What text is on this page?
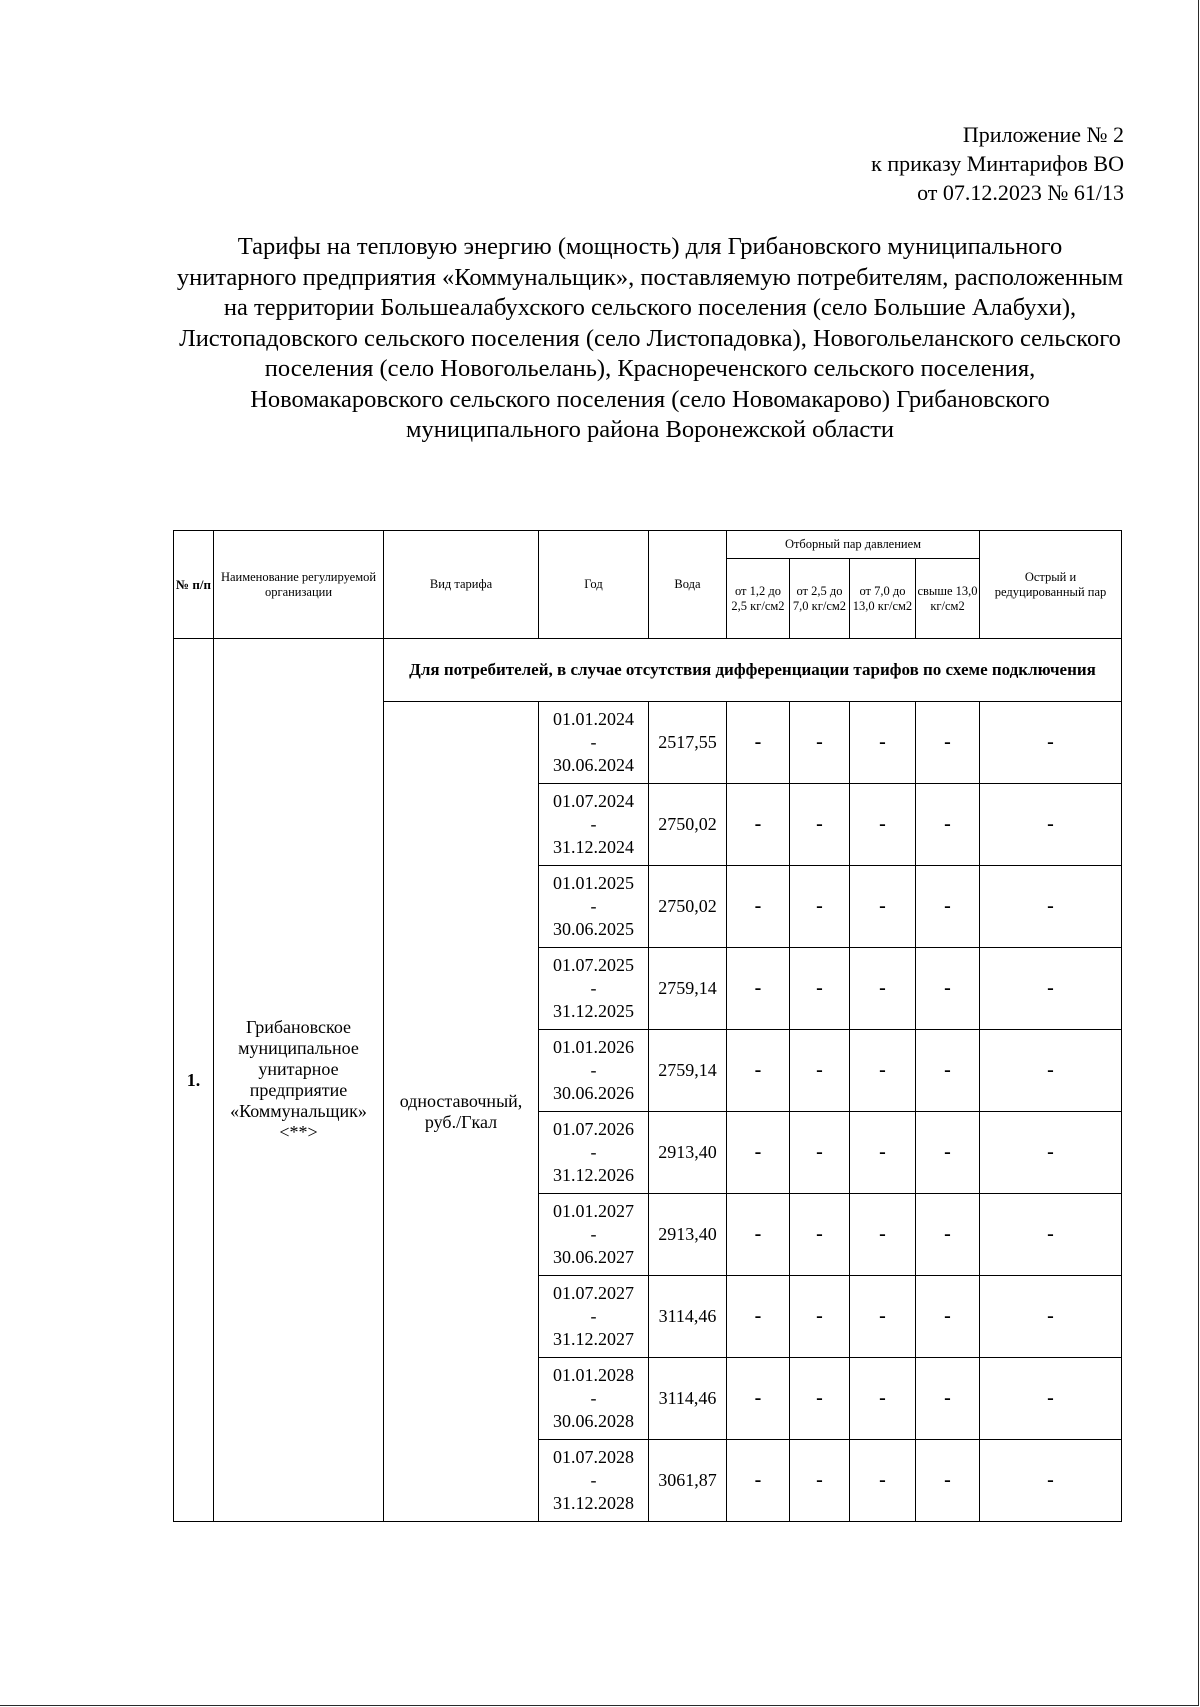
Приложение № 2
к приказу Минтарифов ВО
от 07.12.2023 № 61/13
Тарифы на тепловую энергию (мощность) для Грибановского муниципального унитарного предприятия «Коммунальщик», поставляемую потребителям, расположенным на территории Большеалабухского сельского поселения (село Большие Алабухи), Листопадовского сельского поселения (село Листопадовка), Новогольеланского сельского поселения (село Новогольелань), Краснореченского сельского поселения, Новомакаровского сельского поселения (село Новомакарово) Грибановского муниципального района Воронежской области
№ п/п	Наименование регулируемой организации	Вид тарифа	Год	Вода	Отборный пар давлением				Острый и редуцированный пар
					от 1,2 до 2,5 кг/см2	от 2,5 до 7,0 кг/см2	от 7,0 до 13,0 кг/см2	свыше 13,0 кг/см2	
1.	Грибановское муниципальное унитарное предприятие «Коммунальщик» <**>	Для потребителей, в случае отсутствия дифференциации тарифов по схеме подключения							
		одноставочный, руб./Гкал	01.01.2024
-
30.06.2024	2517,55	-	-	-	-	-

			01.07.2024
-
31.12.2024	2750,02	-	-	-	-	-

			01.01.2025
-
30.06.2025	2750,02	-	-	-	-	-

			01.07.2025
-
31.12.2025	2759,14	-	-	-	-	-

			01.01.2026
-
30.06.2026	2759,14	-	-	-	-	-

			01.07.2026
-
31.12.2026	2913,40	-	-	-	-	-

			01.01.2027
-
30.06.2027	2913,40	-	-	-	-	-

			01.07.2027
-
31.12.2027	3114,46	-	-	-	-	-

			01.01.2028
-
30.06.2028	3114,46	-	-	-	-	-

			01.07.2028
-
31.12.2028	3061,87	-	-	-	-	-
